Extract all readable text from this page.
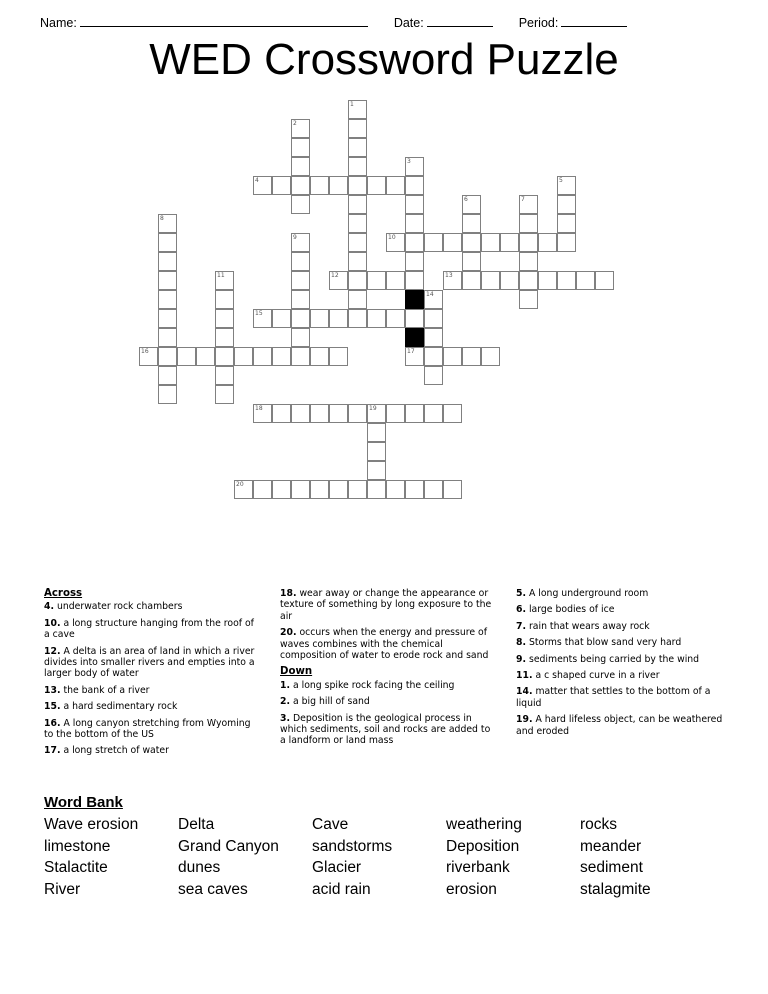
Name:	Date:	Period:
WED Crossword Puzzle
1
2
3
17
4	5
6	7
8
9	10
11	12	13
14
15
16
18	19
20
Across

4. underwater rock chambers

10. a long structure hanging from the roof of a cave

12. A delta is an area of land in which a river divides into smaller rivers and empties into a larger body of water

13. the bank of a river

15. a hard sedimentary rock

16. A long canyon stretching from Wyoming to the bottom of the US

17. a long stretch of water

18. wear away or change the appearance or texture of something by long exposure to the air

20. occurs when the energy and pressure of waves combines with the chemical composition of water to erode rock and sand

Down

1. a long spike rock facing the ceiling

2. a big hill of sand

3. Deposition is the geological process in which sediments, soil and rocks are added to a landform or land mass

5. A long underground room

6. large bodies of ice

7. rain that wears away rock

8. Storms that blow sand very hard

9. sediments being carried by the wind

11. a c shaped curve in a river

14. matter that settles to the bottom of a liquid

19. A hard lifeless object, can be weathered and eroded

Word Bank
Wave erosion	Delta	Cave	weathering	rocks
limestone	Grand Canyon	sandstorms	Deposition	meander
Stalactite	dunes	Glacier	riverbank	sediment
River	sea caves	acid rain	erosion	stalagmite
